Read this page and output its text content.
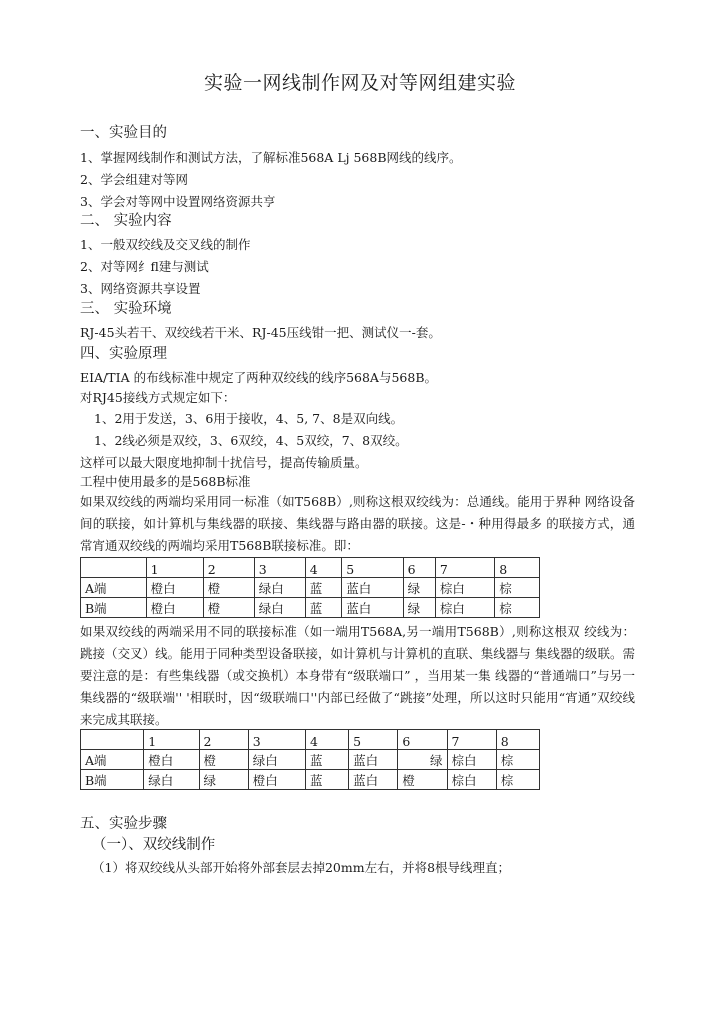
实验一网线制作网及对等网组建实验
一、实验目的
1、掌握网线制作和测试方法，了解标准568A Lj 568B网线的线序。
2、学会组建对等网
3、学会对等网中设置网络资源共亨
二、 实验内容
1、一般双绞线及交叉线的制作
2、对等网纟fl建与测试
3、网络资源共享设置
三、 实验环境
RJ-45头若干、双绞线若干米、RJ-45压线钳一把、测试仪一-套。
四、实验原理
EIA/TIA 的布线标准中规定了两种双绞线的线序568A与568B。
对RJ45接线方式规定如下：
1、2用于发送，3、6用于接收，4、5, 7、8是双向线。
1、2线必须是双绞，3、6双绞，4、5双绞，7、8双绞。
这样可以最大限度地抑制十扰信号，提高传输质量。
工程中使用最多的是568B标准
如果双绞线的两端均采用同一标准（如T568B）,则称这根双绞线为：总通线。能用于界种 网络设备间的联接，如计算机与集线器的联接、集线器与路由器的联接。这是-・种用得最多 的联接方式，通常宵通双绞线的两端均采用T568B联接标准。即：
	1	2	3	4	5	6	7	8
A端	橙白	橙	绿白	蓝	蓝白	绿	棕白	棕
B端	橙白	橙	绿白	蓝	蓝白	绿	棕白	棕
如果双绞线的两端采用不同的联接标准（如一端用T568A,另一端用T568B）,则称这根双 绞线为：跳接（交叉）线。能用于同种类型设备联接，如计算机与计算机的直联、集线器与 集线器的级联。需要注意的是：有些集线器（或交换机）本身带有“级联端口” ，当用某一集 线器的“普通端口”与另一集线器的“级联端'' '相联时，因“级联端口''内部已经做了“跳接”处理，所以这时只能用“宵通”双绞线来完成其联接。
	1	2	3	4	5	6	7	8
A端	橙白	橙	绿白	蓝	蓝白	绿	棕白	棕
B端	绿白	绿	橙白	蓝	蓝白	橙	棕白	棕
五、实验步骤
（一）、双绞线制作
（1）将双绞线从头部开始将外部套层去掉20mm左右，并将8根导线理直；
